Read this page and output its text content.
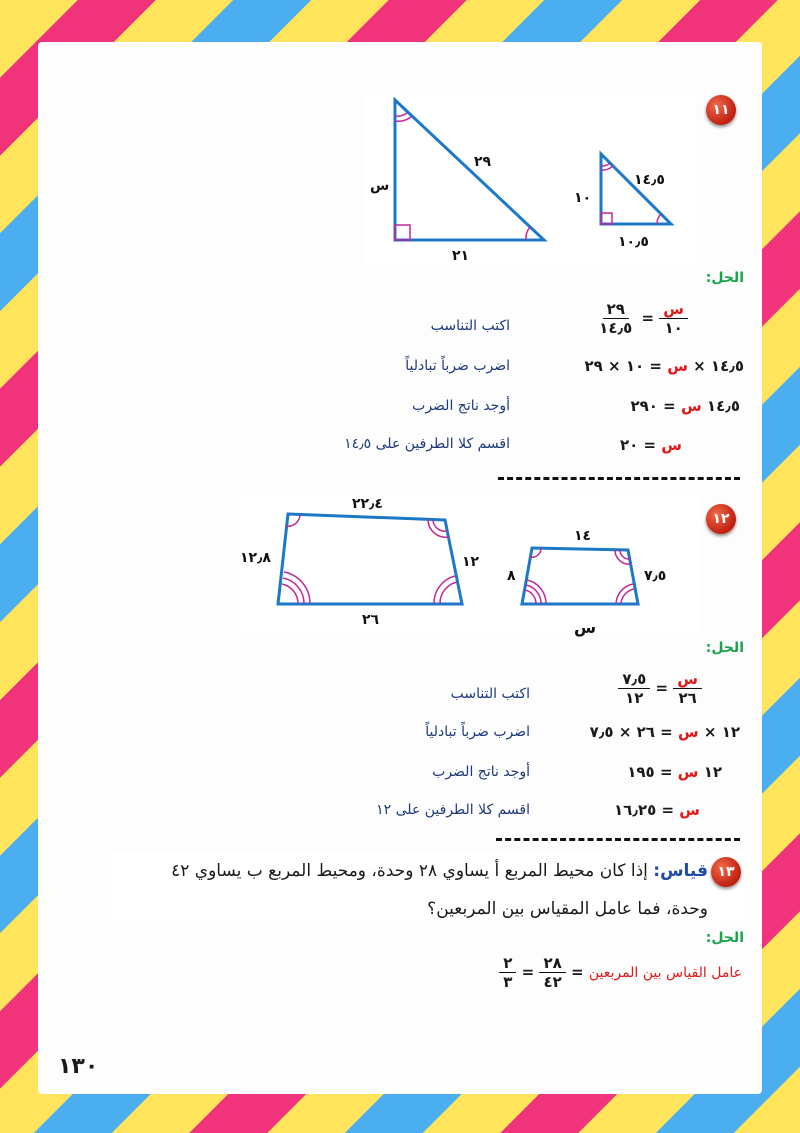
١١
س
٢٩
٢١
١٠
١٤٫٥
١٠٫٥
الحل:
$\frac{\text{س}}{١٠}$
=
$\frac{٢٩}{١٤٫٥}$
اكتب التناسب
١٤٫٥ × س = ١٠ × ٢٩
اضرب ضرباً تبادلياً
١٤٫٥ س = ٢٩٠
أوجد ناتج الضرب
س = ٢٠
اقسم كلا الطرفين على ١٤٫٥
١٢
٢٢٫٤
١٢٫٨	١٢
٢٦
١٤
٨	٧٫٥
س
الحل:
$\frac{\text{س}}{٢٦}$
=
$\frac{٧٫٥}{١٢}$
اكتب التناسب
١٢ × س = ٢٦ × ٧٫٥
اضرب ضرباً تبادلياً
١٢ س = ١٩٥
أوجد ناتج الضرب
س = ١٦٫٢٥
اقسم كلا الطرفين على ١٢
قياس: إذا كان محيط المربع أ يساوي ٢٨ وحدة، ومحيط المربع ب يساوي ٤٢
وحدة، فما عامل المقياس بين المربعين؟
١٣
الحل:
عامل القياس بين المربعين =
$\frac{٢٨}{٤٢}$
=
$\frac{٢}{٣}$
١٣٠
